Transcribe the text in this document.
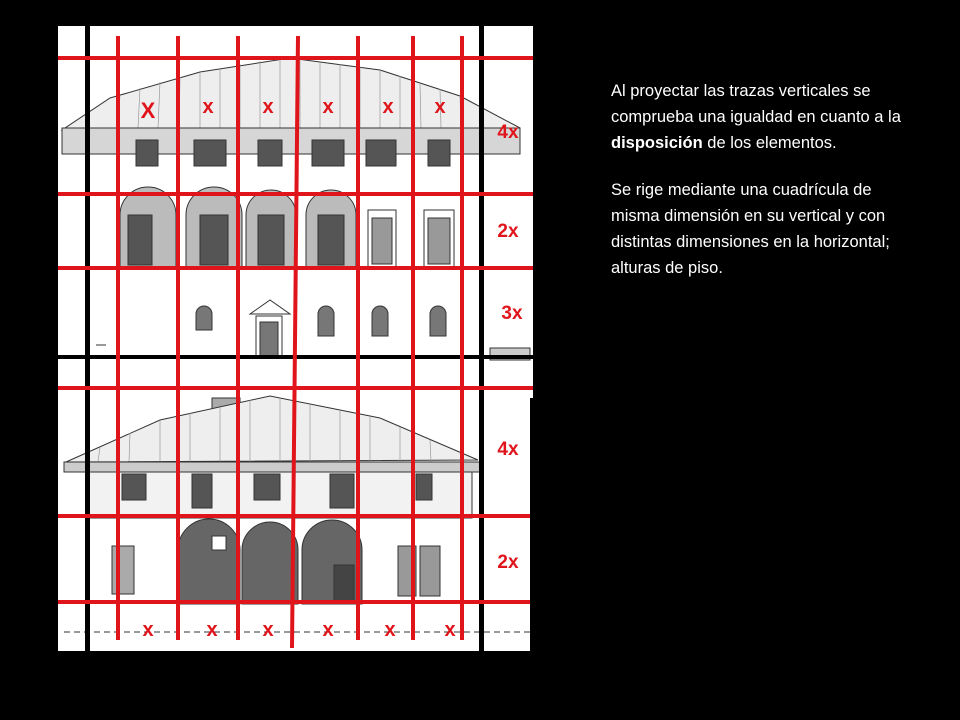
X x x x x x
4x
2x
3x
4x
2x
x	x x x	x x

Al proyectar las trazas verticales se comprueba una igualdad en cuanto a la disposición de los elementos.

Se rige mediante una cuadrícula de misma dimensión en su vertical y con distintas dimensiones en la horizontal; alturas de piso.
